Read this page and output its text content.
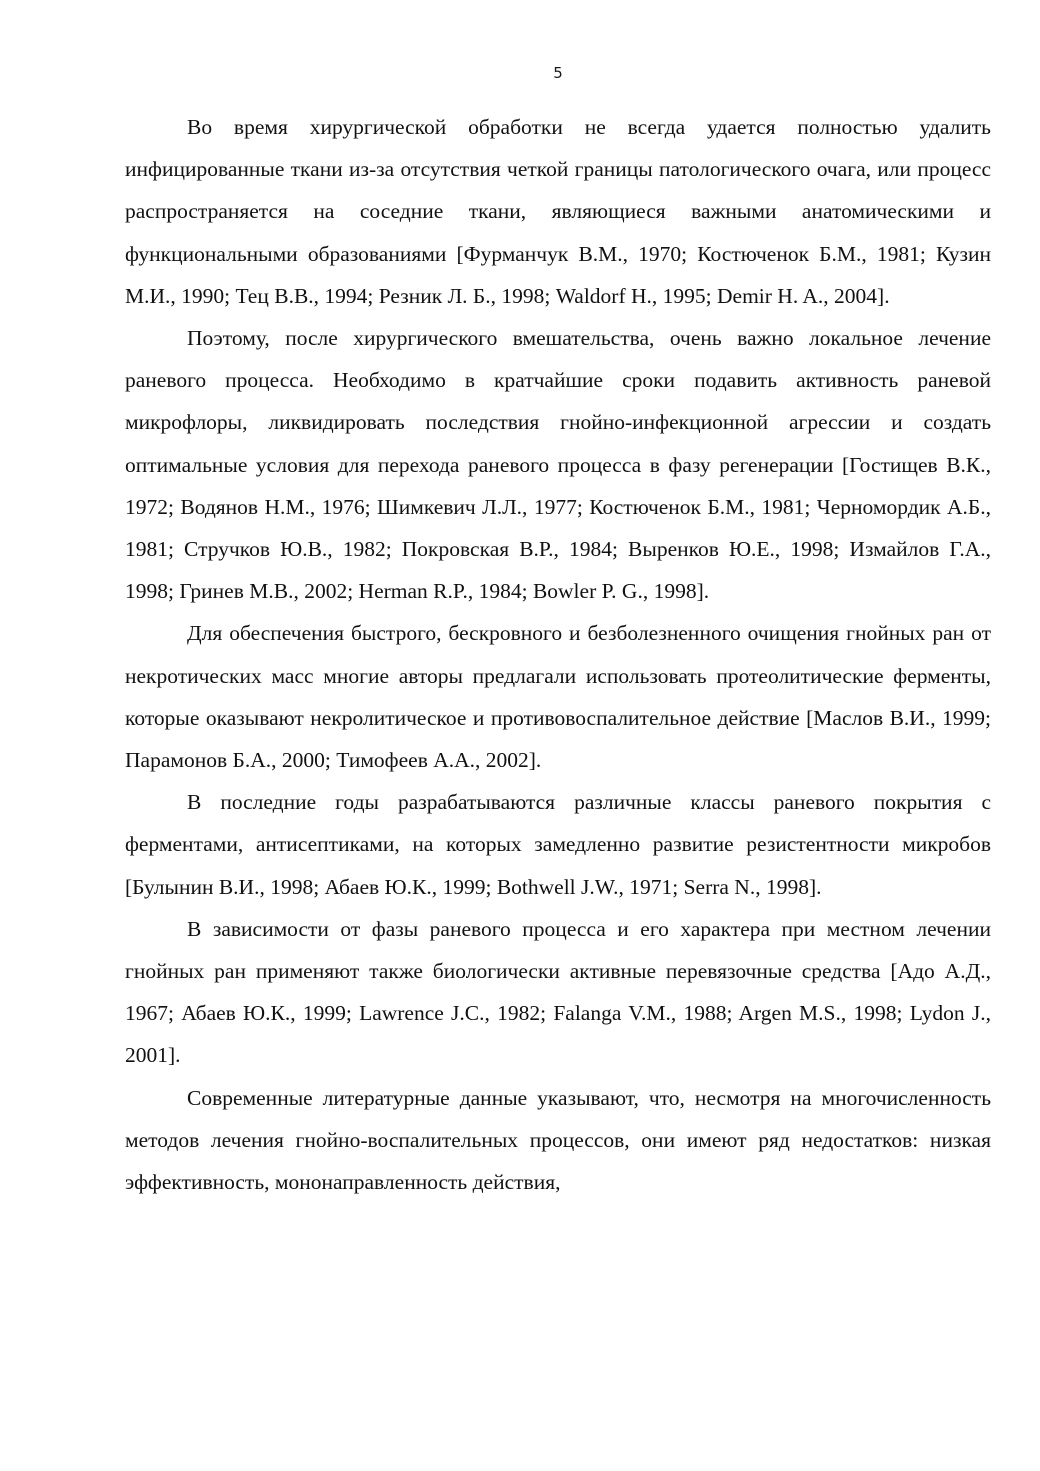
5

Во время хирургической обработки не всегда удается полностью удалить инфицированные ткани из-за отсутствия четкой границы патологического очага, или процесс распространяется на соседние ткани, являющиеся важными анатомическими и функциональными образованиями [Фурманчук В.М., 1970; Костюченок Б.М., 1981; Кузин М.И., 1990; Тец В.В., 1994; Резник Л. Б., 1998; Waldorf H., 1995; Demir H. A., 2004].

Поэтому, после хирургического вмешательства, очень важно локальное лечение раневого процесса. Необходимо в кратчайшие сроки подавить активность раневой микрофлоры, ликвидировать последствия гнойно-инфекционной агрессии и создать оптимальные условия для перехода раневого процесса в фазу регенерации [Гостищев В.К., 1972; Водянов Н.М., 1976; Шимкевич Л.Л., 1977; Костюченок Б.М., 1981; Черномордик А.Б., 1981; Стручков Ю.В., 1982; Покровская В.Р., 1984; Выренков Ю.Е., 1998; Измайлов Г.А., 1998; Гринев М.В., 2002; Herman R.P., 1984; Bowler P. G., 1998].

Для обеспечения быстрого, бескровного и безболезненного очищения гнойных ран от некротических масс многие авторы предлагали использовать протеолитические ферменты, которые оказывают некролитическое и противовоспалительное действие [Маслов В.И., 1999; Парамонов Б.А., 2000; Тимофеев А.А., 2002].

В последние годы разрабатываются различные классы раневого покрытия с ферментами, антисептиками, на которых замедленно развитие резистентности микробов [Булынин В.И., 1998; Абаев Ю.К., 1999; Bothwell J.W., 1971; Serra N., 1998].

В зависимости от фазы раневого процесса и его характера при местном лечении гнойных ран применяют также биологически активные перевязочные средства [Адо А.Д., 1967; Абаев Ю.К., 1999; Lawrence J.C., 1982; Falanga V.M., 1988; Argen M.S., 1998; Lydon J., 2001].

Современные литературные данные указывают, что, несмотря на многочисленность методов лечения гнойно-воспалительных процессов, они имеют ряд недостатков: низкая эффективность, мононаправленность действия,
